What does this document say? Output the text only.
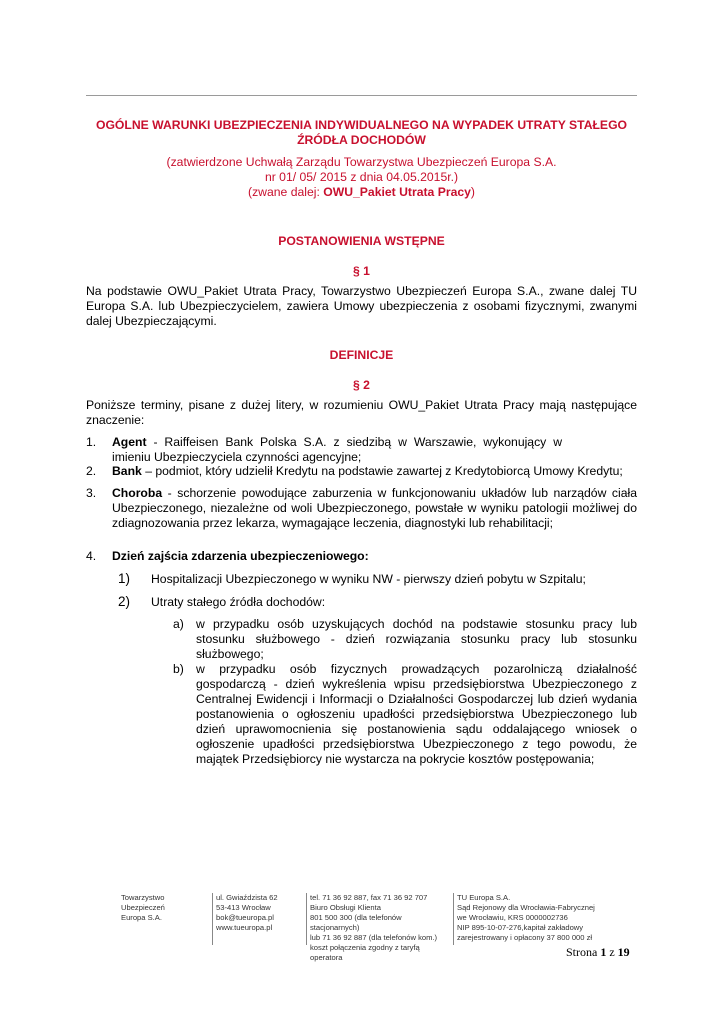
OGÓLNE WARUNKI UBEZPIECZENIA INDYWIDUALNEGO NA WYPADEK UTRATY STAŁEGO
ŹRÓDŁA DOCHODÓW
(zatwierdzone Uchwałą Zarządu Towarzystwa Ubezpieczeń Europa S.A.
nr 01/ 05/ 2015 z dnia 04.05.2015r.)
(zwane dalej: OWU_Pakiet Utrata Pracy)
POSTANOWIENIA WSTĘPNE
§ 1
Na podstawie OWU_Pakiet Utrata Pracy, Towarzystwo Ubezpieczeń Europa S.A., zwane dalej TU Europa S.A. lub Ubezpieczycielem, zawiera Umowy ubezpieczenia z osobami fizycznymi, zwanymi dalej Ubezpieczającymi.
DEFINICJE
§ 2
Poniższe terminy, pisane z dużej litery, w rozumieniu OWU_Pakiet Utrata Pracy mają następujące znaczenie:
1. Agent - Raiffeisen Bank Polska S.A. z siedzibą w Warszawie, wykonujący w imieniu Ubezpieczyciela czynności agencyjne;
2. Bank – podmiot, który udzielił Kredytu na podstawie zawartej z Kredytobiorcą Umowy Kredytu;
3. Choroba - schorzenie powodujące zaburzenia w funkcjonowaniu układów lub narządów ciała Ubezpieczonego, niezależne od woli Ubezpieczonego, powstałe w wyniku patologii możliwej do zdiagnozowania przez lekarza, wymagające leczenia, diagnostyki lub rehabilitacji;
4. Dzień zajścia zdarzenia ubezpieczeniowego:
1) Hospitalizacji Ubezpieczonego w wyniku NW - pierwszy dzień pobytu w Szpitalu;
2) Utraty stałego źródła dochodów:
a) w przypadku osób uzyskujących dochód na podstawie stosunku pracy lub stosunku służbowego - dzień rozwiązania stosunku pracy lub stosunku służbowego;
b) w przypadku osób fizycznych prowadzących pozarolniczą działalność gospodarczą - dzień wykreślenia wpisu przedsiębiorstwa Ubezpieczonego z Centralnej Ewidencji i Informacji o Działalności Gospodarczej lub dzień wydania postanowienia o ogłoszeniu upadłości przedsiębiorstwa Ubezpieczonego lub dzień uprawomocnienia się postanowienia sądu oddalającego wniosek o ogłoszenie upadłości przedsiębiorstwa Ubezpieczonego z tego powodu, że majątek Przedsiębiorcy nie wystarcza na pokrycie kosztów postępowania;
Towarzystwo Ubezpieczeń
Europa S.A.
ul. Gwiaździsta 62
53-413 Wrocław
bok@tueuropa.pl
www.tueuropa.pl
tel. 71 36 92 887, fax 71 36 92 707
Biuro Obsługi Klienta
801 500 300 (dla telefonów stacjonarnych)
lub 71 36 92 887 (dla telefonów kom.)
koszt połączenia zgodny z taryfą operatora
TU Europa S.A.
Sąd Rejonowy dla Wrocławia-Fabrycznej
we Wrocławiu, KRS 0000002736
NIP 895-10-07-276,kapitał zakładowy
zarejestrowany i opłacony 37 800 000 zł
Strona 1 z 19
